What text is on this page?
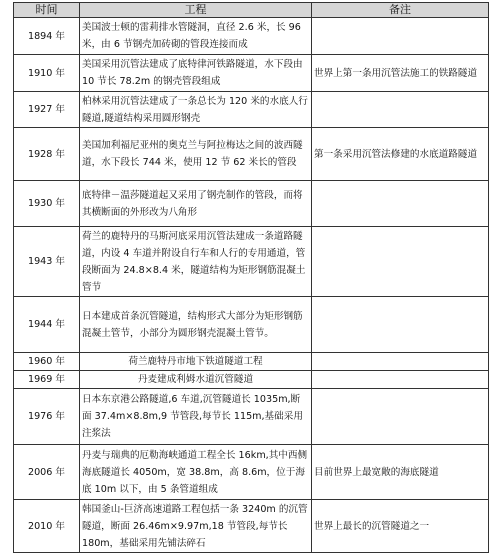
时间	工程	备注
1894 年	美国波士顿的雷莉排水管隧洞，直径 2.6 米，长 96 米，由 6 节钢壳加砖砌的管段连接而成	
1910 年	美国采用沉管法建成了底特律河铁路隧道，水下段由 10 节长 78.2m 的钢壳管段组成	世界上第一条用沉管法施工的铁路隧道
1927 年	柏林采用沉管法建成了一条总长为 120 米的水底人行隧道,隧道结构采用圆形钢壳	
1928 年	美国加利福尼亚州的奥克兰与阿拉梅达之间的波西隧道，水下段长 744 米，使用 12 节 62 米长的管段	第一条采用沉管法修建的水底道路隧道
1930 年	底特律－温莎隧道起又采用了钢壳制作的管段，而将其横断面的外形改为八角形	
1943 年	荷兰的鹿特丹的马斯河底采用沉管法建成一条道路隧道，内设 4 车道并附设自行车和人行的专用通道，管段断面为 24.8×8.4 米，隧道结构为矩形钢筋混凝土管节	
1944 年	日本建成首条沉管隧道，结构形式大部分为矩形钢筋混凝土管节，小部分为圆形钢壳混凝土管节。	
1960 年	荷兰鹿特丹市地下铁道隧道工程	
1969 年	丹麦建成利姆水道沉管隧道	
1976 年	日本东京港公路隧道,6 车道,沉管隧道长 1035m,断面 37.4m×8.8m,9 节管段,每节长 115m,基础采用注浆法	
2006 年	丹麦与瑞典的厄勒海峡通道工程全长 16km,其中西侧海底隧道长 4050m，宽 38.8m，高 8.6m，位于海底 10m 以下，由 5 条管道组成	目前世界上最宽敞的海底隧道
2010 年	韩国釜山-巨济高速道路工程包括一条 3240m 的沉管隧道，断面 26.46m×9.97m,18 节管段,每节长 180m，基础采用先铺法碎石	世界上最长的沉管隧道之一
